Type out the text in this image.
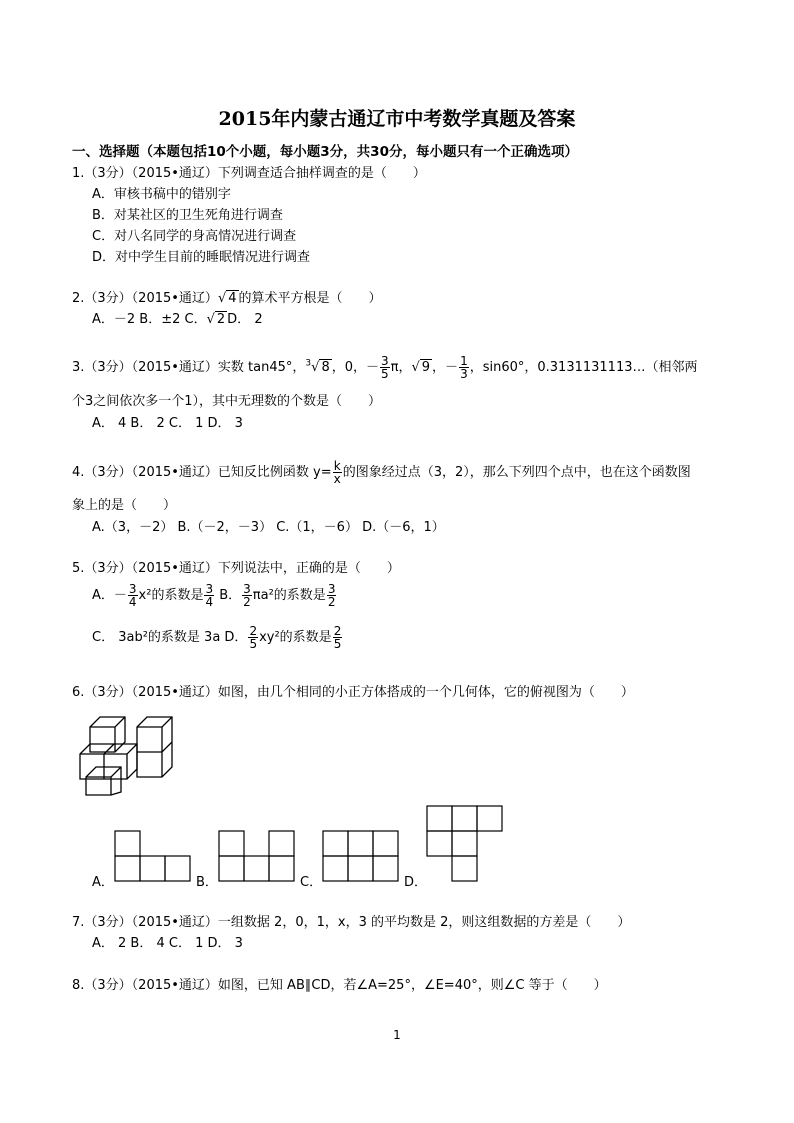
2015年内蒙古通辽市中考数学真题及答案
一、选择题（本题包括10个小题，每小题3分，共30分，每小题只有一个正确选项）
1.（3分）（2015•通辽）下列调查适合抽样调查的是（　　）
A．审核书稿中的错别字
B．对某社区的卫生死角进行调查
C．对八名同学的身高情况进行调查
D．对中学生目前的睡眠情况进行调查
2.（3分）（2015•通辽）√ 4 的算术平方根是（　　）
A．－2 B．±2 C．√ 2 D． 2
3.（3分）（2015•通辽）实数 tan45°，$^3$√ 8 ，0，－ $\frac{3}{5}$ π，√ 9 ，－ $\frac{1}{3}$ ，sin60°，0.3131131113…（相邻两
个3之间依次多一个1），其中无理数的个数是（　　）
A． 4 B． 2 C． 1 D． 3
4.（3分）（2015•通辽）已知反比例函数 $y= \frac{k}{x}$ 的图象经过点（3，2），那么下列四个点中，也在这个函数图
象上的是（　　）
A.（3，－2） B.（－2，－3） C.（1，－6） D.（－6，1）
5.（3分）（2015•通辽）下列说法中，正确的是（　　）
A．－ $\frac{3}{4} x^2$的系数是 $\frac{3}{4}$ B． $\frac{3}{2} \pi a^2$的系数是 $\frac{3}{2}$
C． 3ab²的系数是 3a D． $\frac{2}{5} xy^2$的系数是 $\frac{2}{5}$
6.（3分）（2015•通辽）如图，由几个相同的小正方体搭成的一个几何体，它的俯视图为（　　）
A．	B．	C．	D．
7.（3分）（2015•通辽）一组数据 2，0，1，x，3 的平均数是 2，则这组数据的方差是（　　）
A． 2 B． 4 C． 1 D． 3
8.（3分）（2015•通辽）如图，已知 AB∥CD，若∠A=25°，∠E=40°，则∠C 等于（　　）
1
